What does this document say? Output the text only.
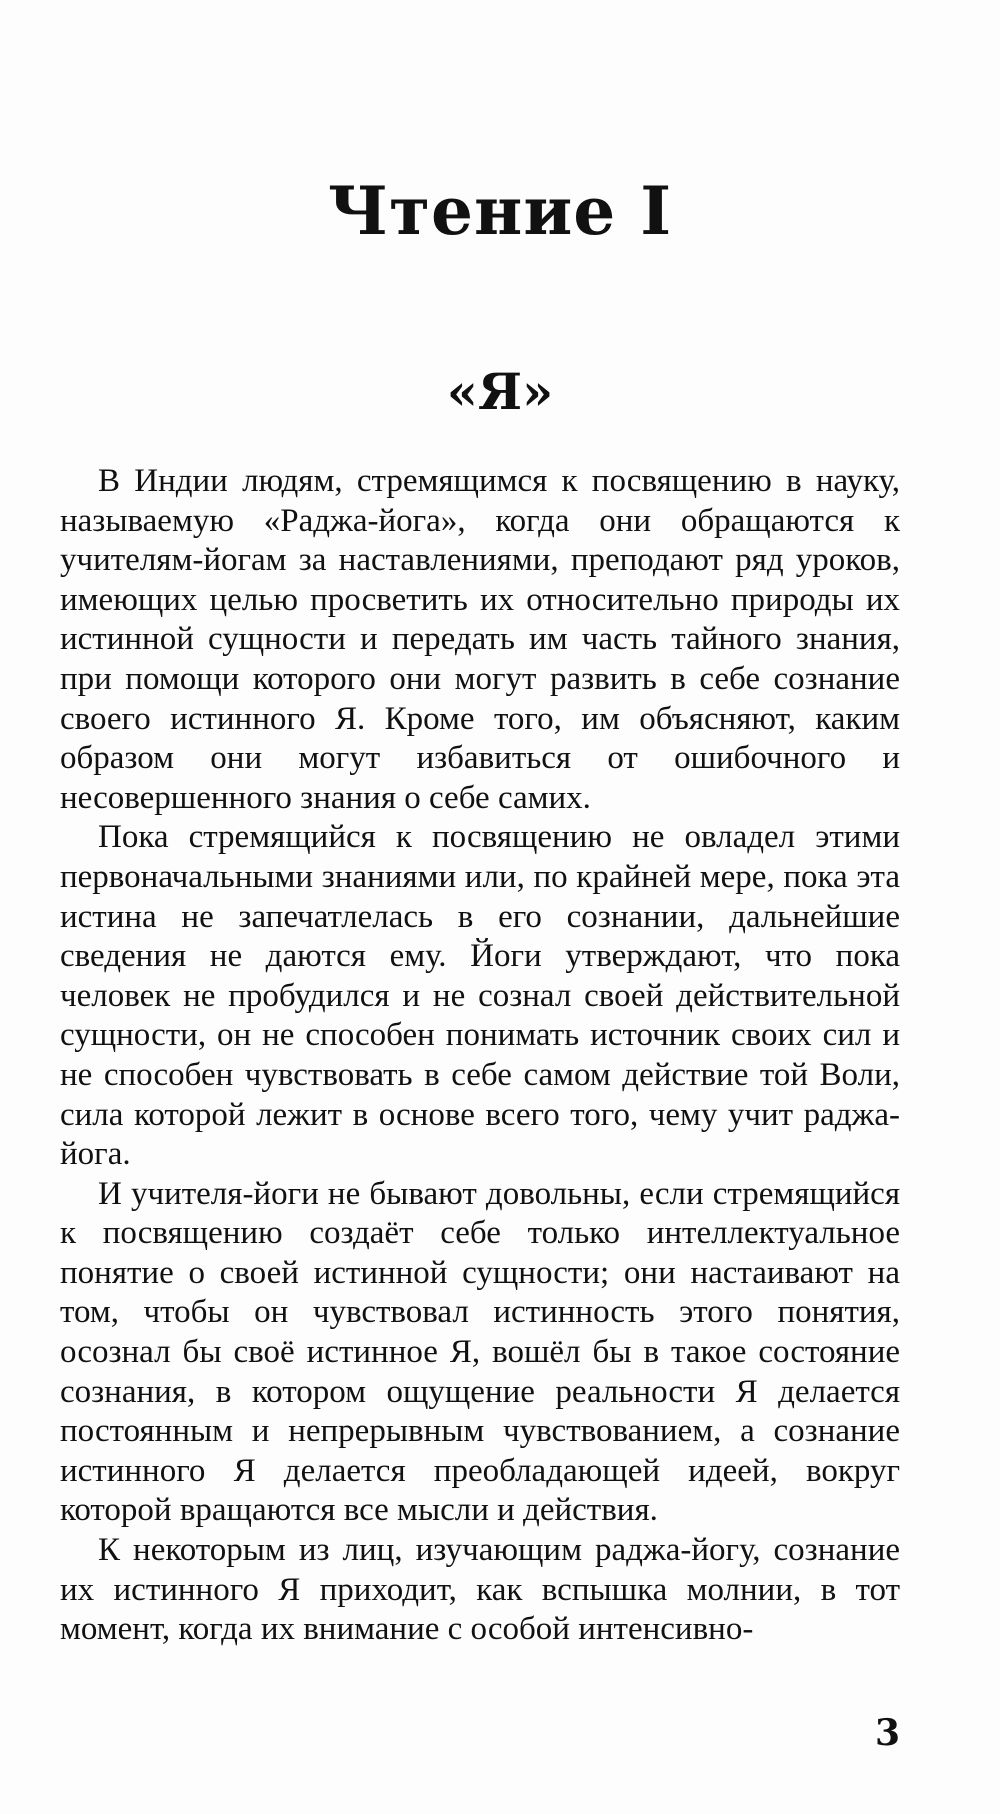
Чтение I
«Я»

В Индии людям, стремящимся к посвящению в науку, называемую «Раджа-йога», когда они обращаются к учителям-йогам за наставлениями, преподают ряд уроков, имеющих целью просветить их относительно природы их истинной сущности и передать им часть тайного знания, при помощи которого они могут развить в себе сознание своего истинного Я. Кроме того, им объясняют, каким образом они могут избавиться от ошибочного и несовершенного знания о себе самих.

Пока стремящийся к посвящению не овладел этими первоначальными знаниями или, по крайней мере, пока эта истина не запечатлелась в его сознании, дальнейшие сведения не даются ему. Йоги утверждают, что пока человек не пробудился и не сознал своей действительной сущности, он не способен понимать источник своих сил и не способен чувствовать в себе самом действие той Воли, сила которой лежит в основе всего того, чему учит раджа-йога.

И учителя-йоги не бывают довольны, если стремящийся к посвящению создаёт себе только интеллектуальное понятие о своей истинной сущности; они настаивают на том, чтобы он чувствовал истинность этого понятия, осознал бы своё истинное Я, вошёл бы в такое состояние сознания, в котором ощущение реальности Я делается постоянным и непрерывным чувствованием, а сознание истинного Я делается преобладающей идеей, вокруг которой вращаются все мысли и действия.

К некоторым из лиц, изучающим раджа-йогу, сознание их истинного Я приходит, как вспышка молнии, в тот момент, когда их внимание с особой интенсивно-

3
